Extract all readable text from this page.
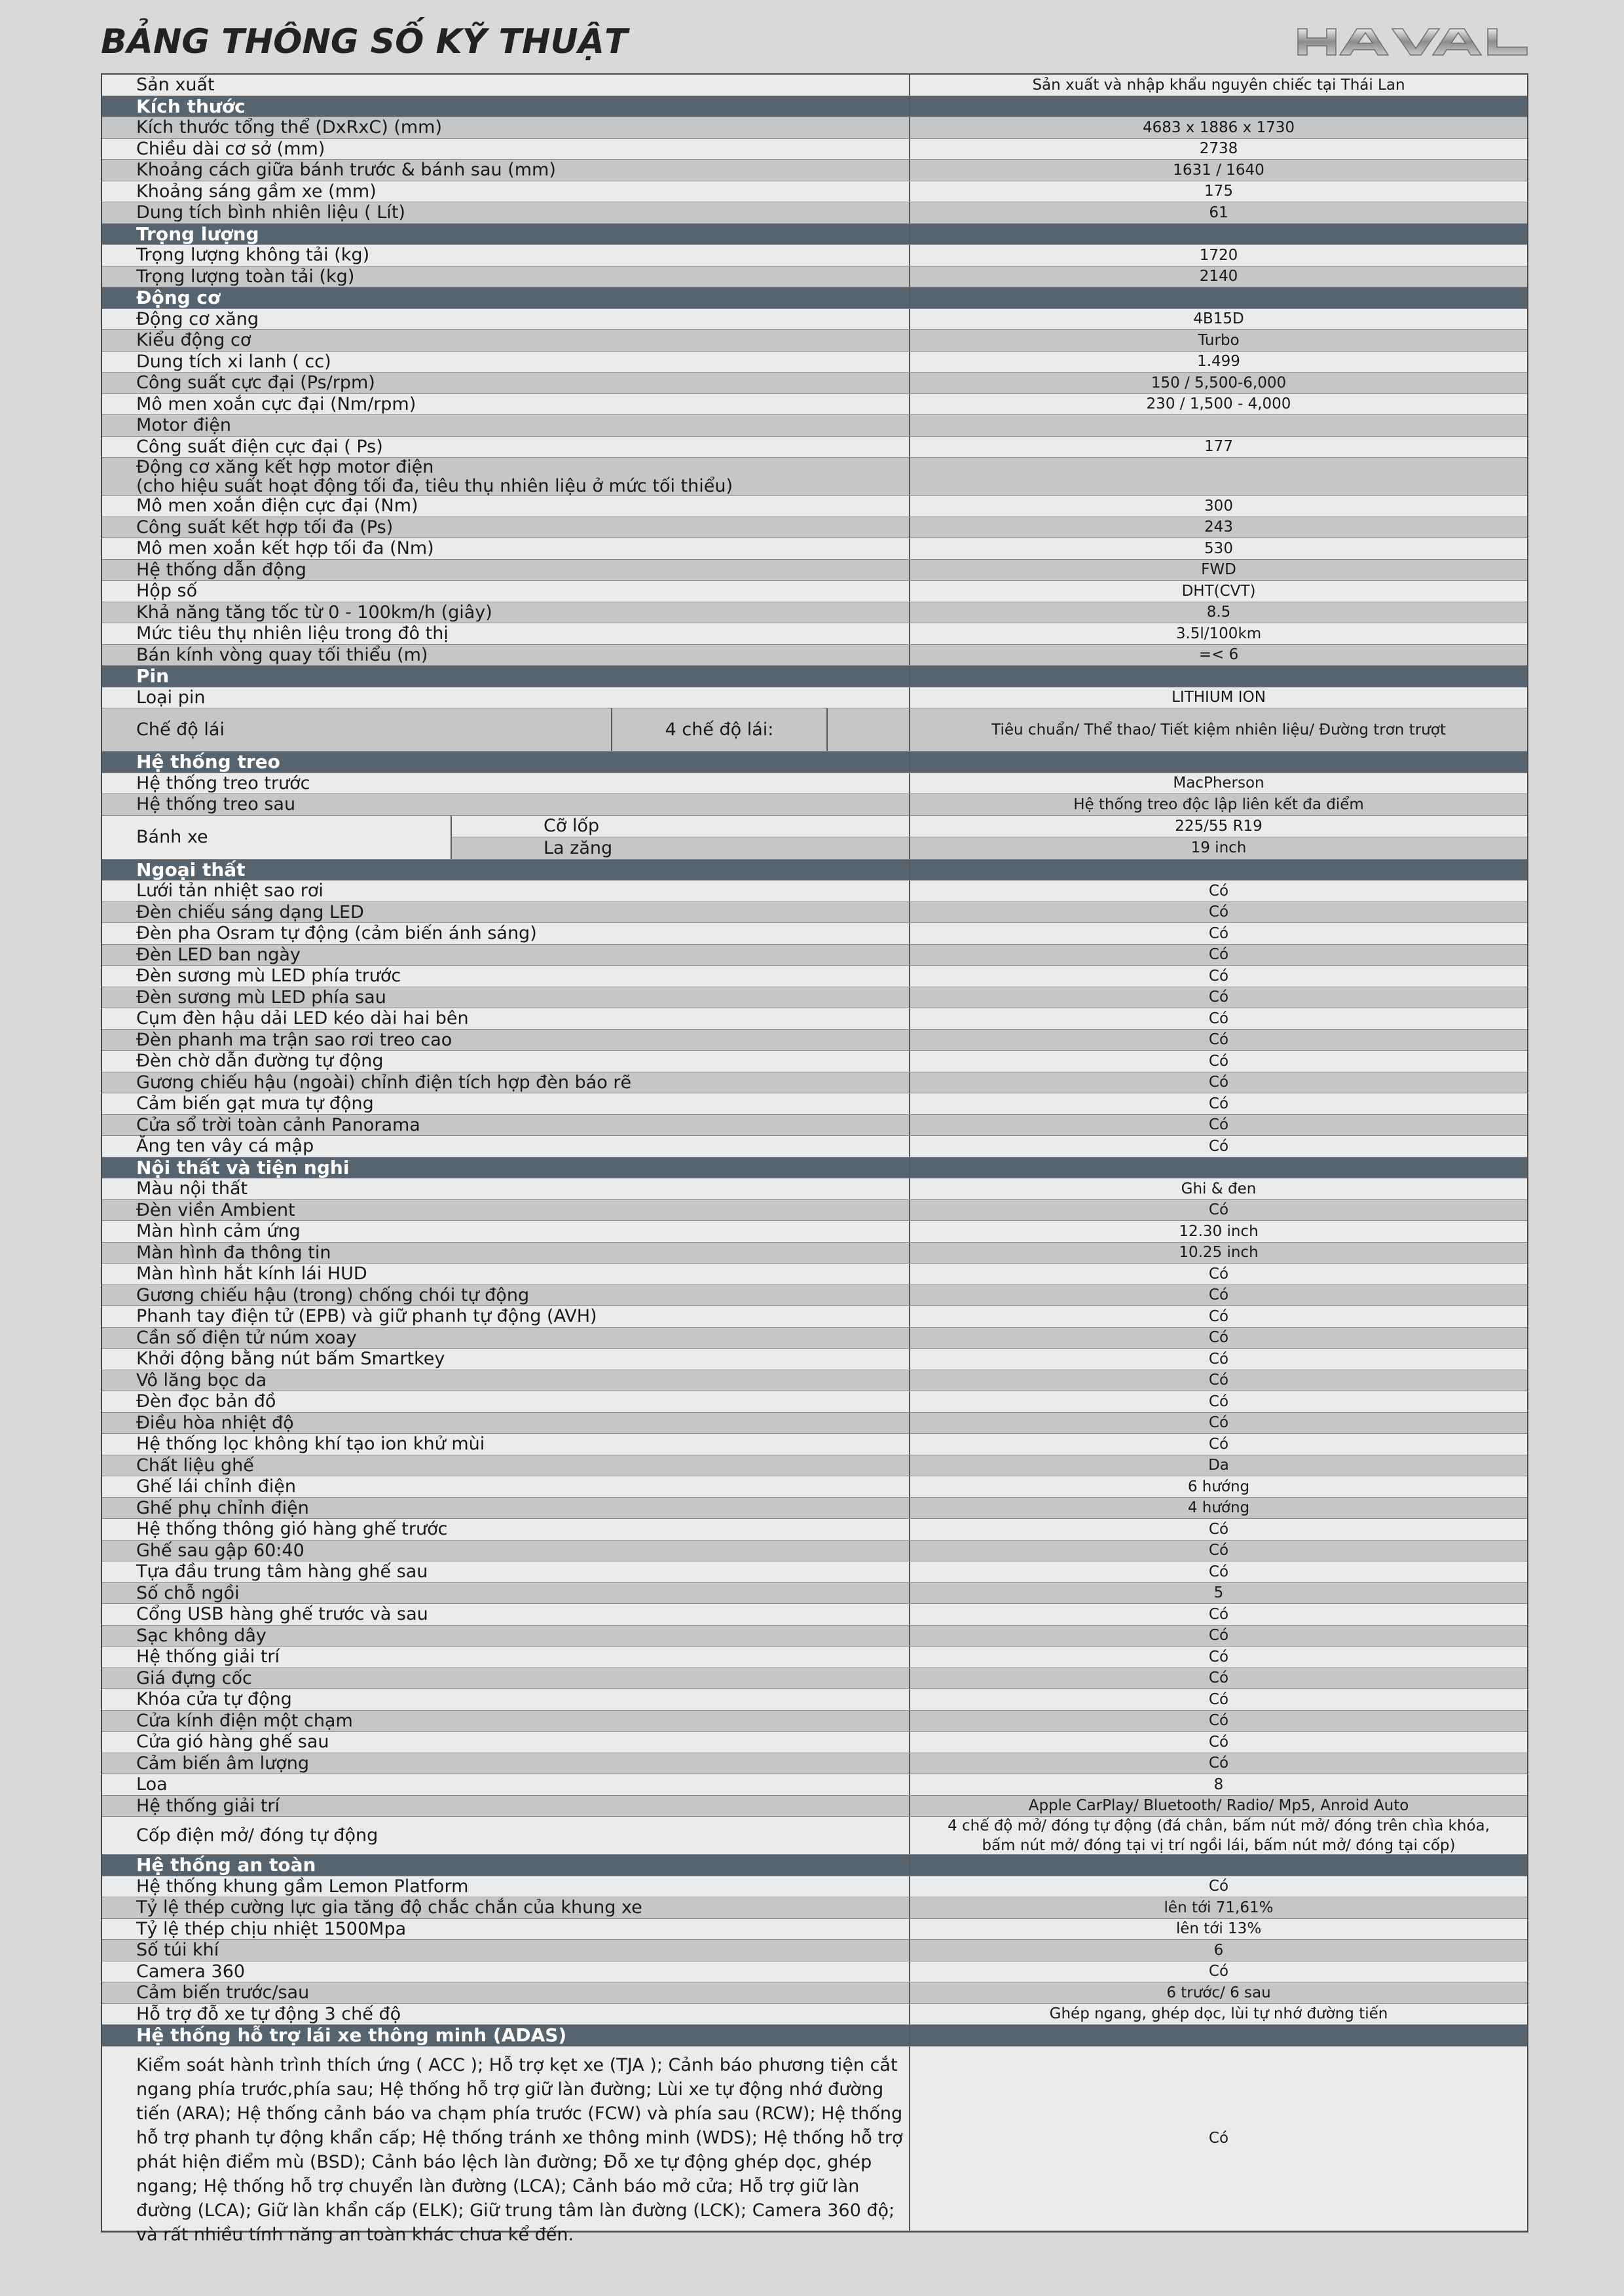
BẢNG THÔNG SỐ KỸ THUẬT
Sản xuất	Sản xuất và nhập khẩu nguyên chiếc tại Thái Lan
Kích thước
Kích thước tổng thể (DxRxC) (mm)	4683 x 1886 x 1730
Chiều dài cơ sở (mm)	2738
Khoảng cách giữa bánh trước & bánh sau (mm)	1631 / 1640
Khoảng sáng gầm xe (mm)	175
Dung tích bình nhiên liệu ( Lít)	61
Trọng lượng
Trọng lượng không tải (kg)	1720
Trọng lượng toàn tải (kg)	2140
Động cơ
Động cơ xăng	4B15D
Kiểu động cơ	Turbo
Dung tích xi lanh ( cc)	1.499
Công suất cực đại (Ps/rpm)	150 / 5,500-6,000
Mô men xoắn cực đại (Nm/rpm)	230 / 1,500 - 4,000
Motor điện
Công suất điện cực đại ( Ps)	177
Động cơ xăng kết hợp motor điện
(cho hiệu suất hoạt động tối đa, tiêu thụ nhiên liệu ở mức tối thiểu)
Mô men xoắn điện cực đại (Nm)	300
Công suất kết hợp tối đa (Ps)	243
Mô men xoắn kết hợp tối đa (Nm)	530
Hệ thống dẫn động	FWD
Hộp số	DHT(CVT)
Khả năng tăng tốc từ 0 - 100km/h (giây)	8.5
Mức tiêu thụ nhiên liệu trong đô thị	3.5l/100km
Bán kính vòng quay tối thiểu (m)	=< 6
Pin
Loại pin	LITHIUM ION
Chế độ lái	4 chế độ lái:	Tiêu chuẩn/ Thể thao/ Tiết kiệm nhiên liệu/ Đường trơn trượt
Hệ thống treo
Hệ thống treo trước	MacPherson
Hệ thống treo sau	Hệ thống treo độc lập liên kết đa điểm
Bánh xe
Cỡ lốp	225/55 R19
La zăng	19 inch
Ngoại thất
Lưới tản nhiệt sao rơi	Có
Đèn chiếu sáng dạng LED	Có
Đèn pha Osram tự động (cảm biến ánh sáng)	Có
Đèn LED ban ngày	Có
Đèn sương mù LED phía trước	Có
Đèn sương mù LED phía sau	Có
Cụm đèn hậu dải LED kéo dài hai bên	Có
Đèn phanh ma trận sao rơi treo cao	Có
Đèn chờ dẫn đường tự động	Có
Gương chiếu hậu (ngoài) chỉnh điện tích hợp đèn báo rẽ	Có
Cảm biến gạt mưa tự động	Có
Cửa sổ trời toàn cảnh Panorama	Có
Ăng ten vây cá mập	Có
Nội thất và tiện nghi
Màu nội thất	Ghi & đen
Đèn viền Ambient	Có
Màn hình cảm ứng	12.30 inch
Màn hình đa thông tin	10.25 inch
Màn hình hắt kính lái HUD	Có
Gương chiếu hậu (trong) chống chói tự động	Có
Phanh tay điện tử (EPB) và giữ phanh tự động (AVH)	Có
Cần số điện tử núm xoay	Có
Khởi động bằng nút bấm Smartkey	Có
Vô lăng bọc da	Có
Đèn đọc bản đồ	Có
Điều hòa nhiệt độ	Có
Hệ thống lọc không khí tạo ion khử mùi	Có
Chất liệu ghế	Da
Ghế lái chỉnh điện	6 hướng
Ghế phụ chỉnh điện	4 hướng
Hệ thống thông gió hàng ghế trước	Có
Ghế sau gập 60:40	Có
Tựa đầu trung tâm hàng ghế sau	Có
Số chỗ ngồi	5
Cổng USB hàng ghế trước và sau	Có
Sạc không dây	Có
Hệ thống giải trí	Có
Giá đựng cốc	Có
Khóa cửa tự động	Có
Cửa kính điện một chạm	Có
Cửa gió hàng ghế sau	Có
Cảm biến âm lượng	Có
Loa	8
Hệ thống giải trí	Apple CarPlay/ Bluetooth/ Radio/ Mp5, Anroid Auto
Cốp điện mở/ đóng tự động	4 chế độ mở/ đóng tự động (đá chân, bấm nút mở/ đóng trên chìa khóa,
bấm nút mở/ đóng tại vị trí ngồi lái, bấm nút mở/ đóng tại cốp)
Hệ thống an toàn
Hệ thống khung gầm Lemon Platform	Có
Tỷ lệ thép cường lực gia tăng độ chắc chắn của khung xe	lên tới 71,61%
Tỷ lệ thép chịu nhiệt 1500Mpa	lên tới 13%
Số túi khí	6
Camera 360	Có
Cảm biến trước/sau	6 trước/ 6 sau
Hỗ trợ đỗ xe tự động 3 chế độ	Ghép ngang, ghép dọc, lùi tự nhớ đường tiến
Hệ thống hỗ trợ lái xe thông minh (ADAS)
Kiểm soát hành trình thích ứng ( ACC ); Hỗ trợ kẹt xe (TJA ); Cảnh báo phương tiện cắt ngang phía trước,phía sau; Hệ thống hỗ trợ giữ làn đường; Lùi xe tự động nhớ đường tiến (ARA); Hệ thống cảnh báo va chạm phía trước (FCW) và phía sau (RCW); Hệ thống hỗ trợ phanh tự động khẩn cấp; Hệ thống tránh xe thông minh (WDS); Hệ thống hỗ trợ phát hiện điểm mù (BSD); Cảnh báo lệch làn đường; Đỗ xe tự động ghép dọc, ghép ngang; Hệ thống hỗ trợ chuyển làn đường (LCA); Cảnh báo mở cửa; Hỗ trợ giữ làn đường (LCA); Giữ làn khẩn cấp (ELK); Giữ trung tâm làn đường (LCK); Camera 360 độ; và rất nhiều tính năng an toàn khác chưa kể đến.
Có
